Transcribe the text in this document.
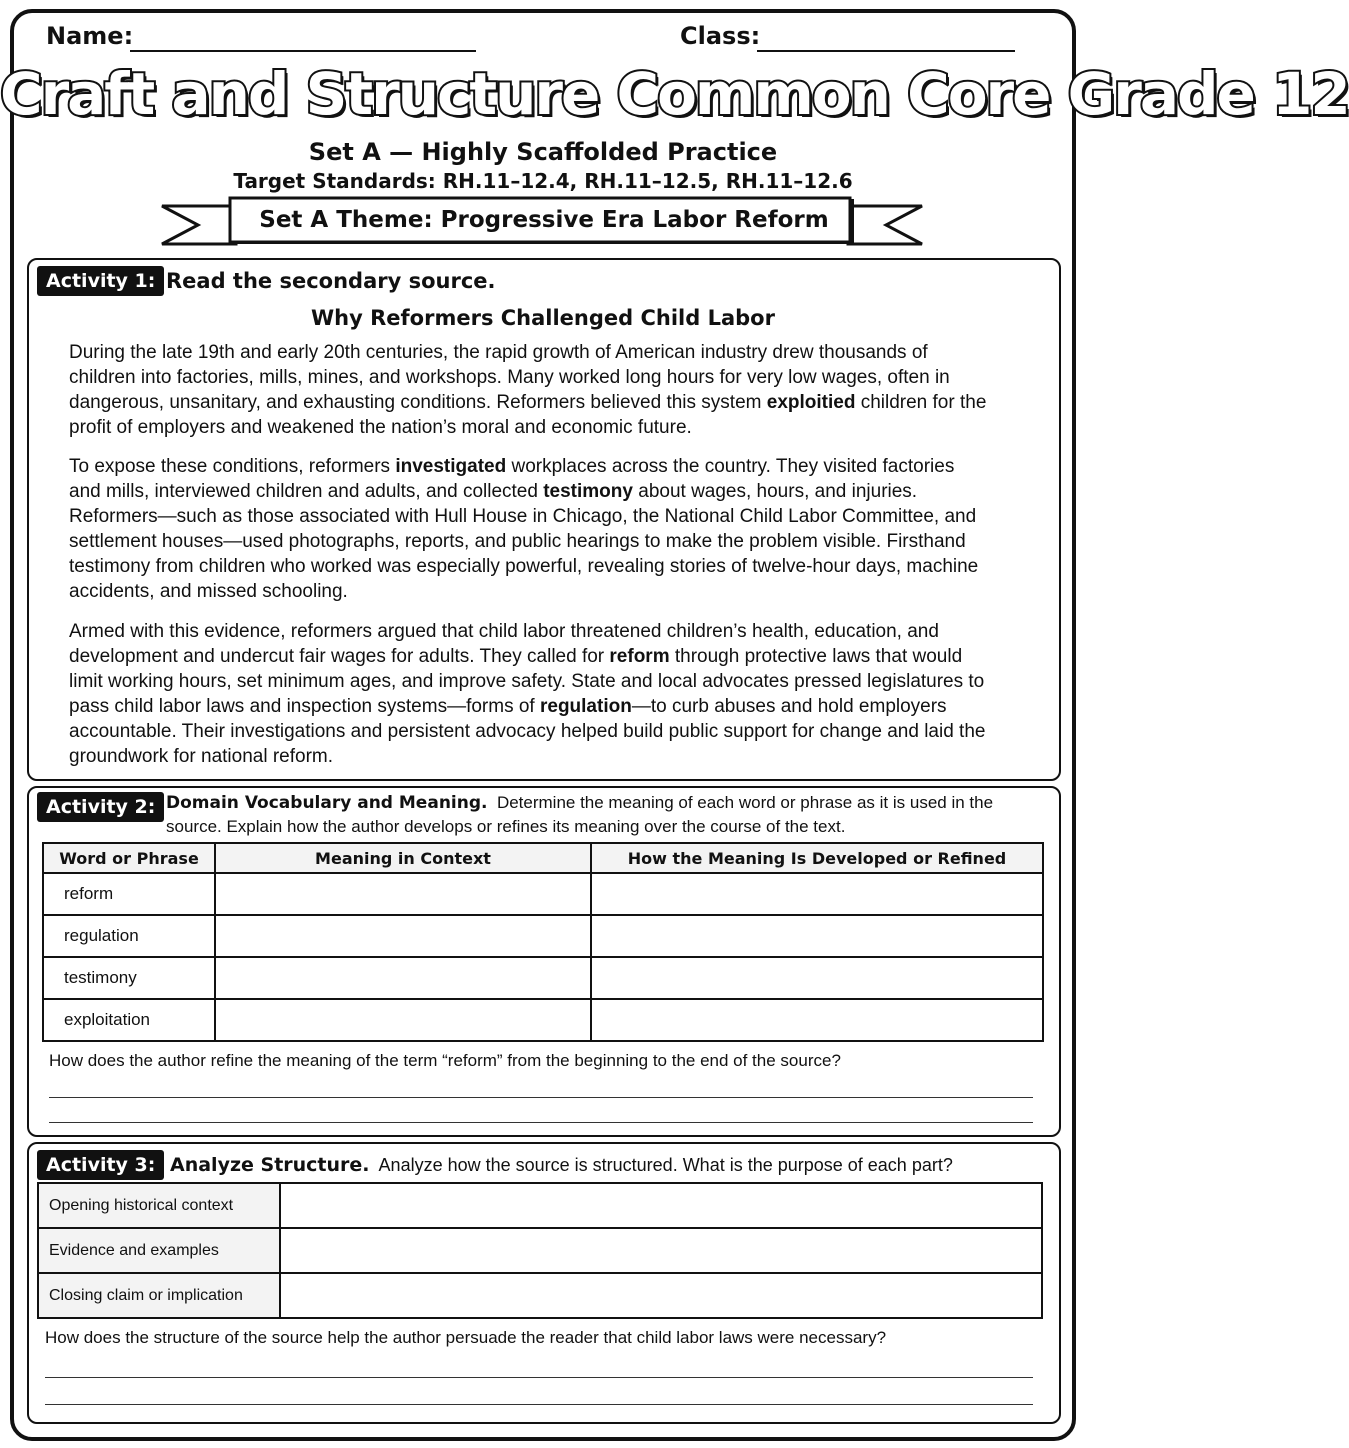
Name:	Class:
Craft and Structure Common Core Grade 12
Set A — Highly Scaffolded Practice
Target Standards: RH.11–12.4, RH.11–12.5, RH.11–12.6
Set A Theme: Progressive Era Labor Reform
Activity 1: Read the secondary source.
Why Reformers Challenged Child Labor

During the late 19th and early 20th centuries, the rapid growth of American industry drew thousands of children into factories, mills, mines, and workshops. Many worked long hours for very low wages, often in dangerous, unsanitary, and exhausting conditions. Reformers believed this system exploitied children for the profit of employers and weakened the nation’s moral and economic future.

To expose these conditions, reformers investigated workplaces across the country. They visited factories and mills, interviewed children and adults, and collected testimony about wages, hours, and injuries. Reformers—such as those associated with Hull House in Chicago, the National Child Labor Committee, and settlement houses—used photographs, reports, and public hearings to make the problem visible. Firsthand testimony from children who worked was especially powerful, revealing stories of twelve-hour days, machine accidents, and missed schooling.

Armed with this evidence, reformers argued that child labor threatened children’s health, education, and development and undercut fair wages for adults. They called for reform through protective laws that would limit working hours, set minimum ages, and improve safety. State and local advocates pressed legislatures to pass child labor laws and inspection systems—forms of regulation—to curb abuses and hold employers accountable. Their investigations and persistent advocacy helped build public support for change and laid the groundwork for national reform.

Activity 2: Domain Vocabulary and Meaning. Determine the meaning of each word or phrase as it is used in the source. Explain how the author develops or refines its meaning over the course of the text.
Word or Phrase	Meaning in Context	How the Meaning Is Developed or Refined
reform		
regulation		
testimony		
exploitation		
How does the author refine the meaning of the term “reform” from the beginning to the end of the source?
Activity 3: Analyze Structure. Analyze how the source is structured. What is the purpose of each part?
Opening historical context	
Evidence and examples	
Closing claim or implication	
How does the structure of the source help the author persuade the reader that child labor laws were necessary?
